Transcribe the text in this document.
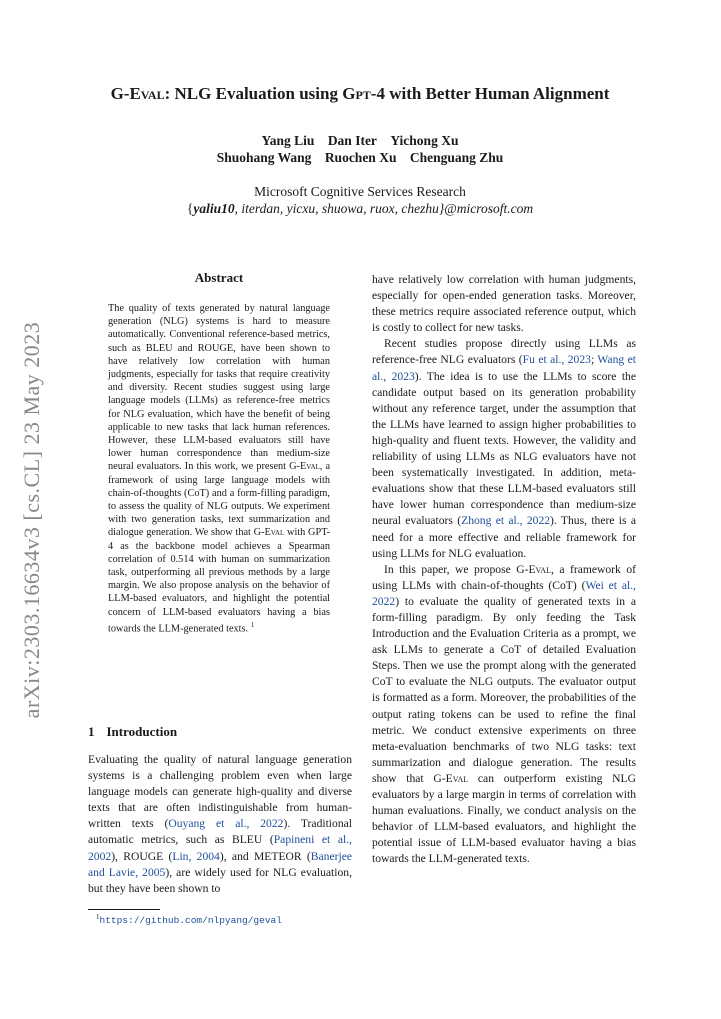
arXiv:2303.16634v3 [cs.CL] 23 May 2023
G-Eval: NLG Evaluation using Gpt-4 with Better Human Alignment
Yang Liu Dan Iter Yichong Xu
Shuohang Wang Ruochen Xu Chenguang Zhu
Microsoft Cognitive Services Research
{yaliu10, iterdan, yicxu, shuowa, ruox, chezhu}@microsoft.com
Abstract

The quality of texts generated by natural language generation (NLG) systems is hard to measure automatically. Conventional reference-based metrics, such as BLEU and ROUGE, have been shown to have relatively low correlation with human judgments, especially for tasks that require creativity and diversity. Recent studies suggest using large language models (LLMs) as reference-free metrics for NLG evaluation, which have the benefit of being applicable to new tasks that lack human references. However, these LLM-based evaluators still have lower human correspondence than medium-size neural evaluators. In this work, we present G-Eval, a framework of using large language models with chain-of-thoughts (CoT) and a form-filling paradigm, to assess the quality of NLG outputs. We experiment with two generation tasks, text summarization and dialogue generation. We show that G-Eval with GPT-4 as the backbone model achieves a Spearman correlation of 0.514 with human on summarization task, outperforming all previous methods by a large margin. We also propose analysis on the behavior of LLM-based evaluators, and highlight the potential concern of LLM-based evaluators having a bias towards the LLM-generated texts. $^1$

1 Introduction

Evaluating the quality of natural language generation systems is a challenging problem even when large language models can generate high-quality and diverse texts that are often indistinguishable from human-written texts (Ouyang et al., 2022). Traditional automatic metrics, such as BLEU (Papineni et al., 2002), ROUGE (Lin, 2004), and METEOR (Banerjee and Lavie, 2005), are widely used for NLG evaluation, but they have been shown to

have relatively low correlation with human judgments, especially for open-ended generation tasks. Moreover, these metrics require associated reference output, which is costly to collect for new tasks.

Recent studies propose directly using LLMs as reference-free NLG evaluators (Fu et al., 2023; Wang et al., 2023). The idea is to use the LLMs to score the candidate output based on its generation probability without any reference target, under the assumption that the LLMs have learned to assign higher probabilities to high-quality and fluent texts. However, the validity and reliability of using LLMs as NLG evaluators have not been systematically investigated. In addition, meta-evaluations show that these LLM-based evaluators still have lower human correspondence than medium-size neural evaluators (Zhong et al., 2022). Thus, there is a need for a more effective and reliable framework for using LLMs for NLG evaluation.

In this paper, we propose G-Eval, a framework of using LLMs with chain-of-thoughts (CoT) (Wei et al., 2022) to evaluate the quality of generated texts in a form-filling paradigm. By only feeding the Task Introduction and the Evaluation Criteria as a prompt, we ask LLMs to generate a CoT of detailed Evaluation Steps. Then we use the prompt along with the generated CoT to evaluate the NLG outputs. The evaluator output is formatted as a form. Moreover, the probabilities of the output rating tokens can be used to refine the final metric. We conduct extensive experiments on three meta-evaluation benchmarks of two NLG tasks: text summarization and dialogue generation. The results show that G-Eval can outperform existing NLG evaluators by a large margin in terms of correlation with human evaluations. Finally, we conduct analysis on the behavior of LLM-based evaluators, and highlight the potential issue of LLM-based evaluator having a bias towards the LLM-generated texts.

$^1$https://github.com/nlpyang/geval
